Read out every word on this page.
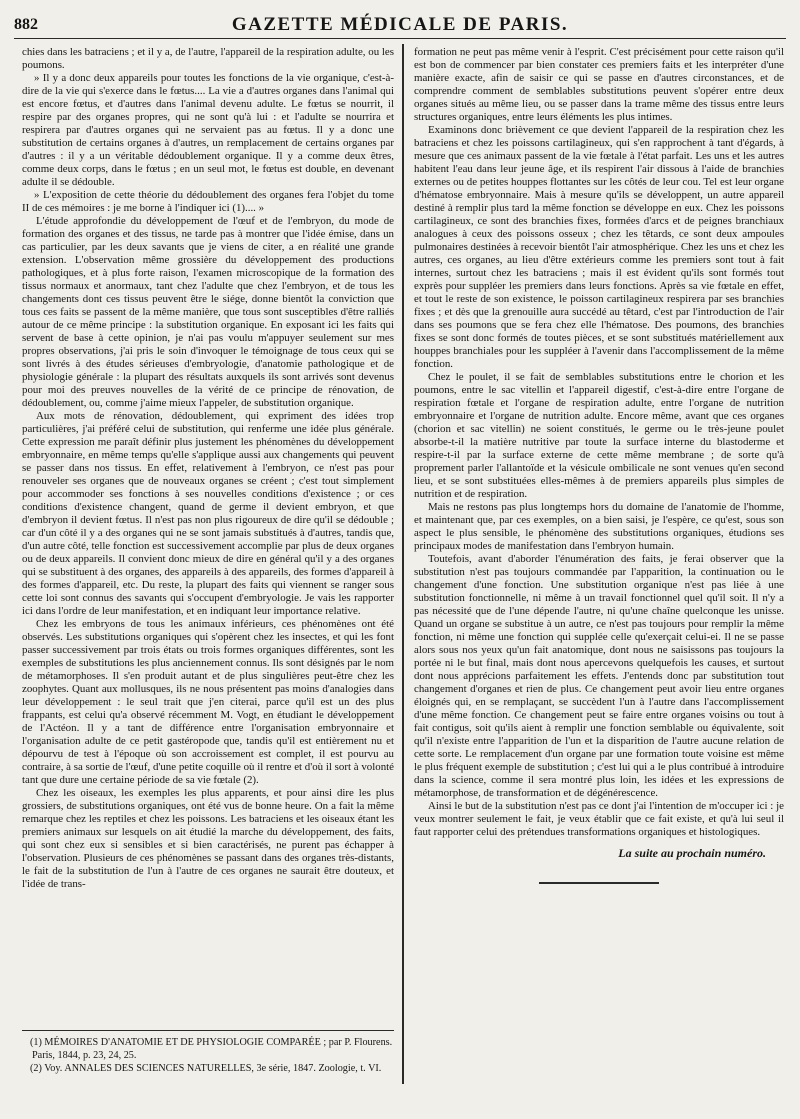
882	GAZETTE MÉDICALE DE PARIS.

chies dans les batraciens ; et il y a, de l'autre, l'appareil de la respiration adulte, ou les poumons.

» Il y a donc deux appareils pour toutes les fonctions de la vie organique, c'est-à-dire de la vie qui s'exerce dans le fœtus.... La vie a d'autres organes dans l'animal qui est encore fœtus, et d'autres dans l'animal devenu adulte. Le fœtus se nourrit, il respire par des organes propres, qui ne sont qu'à lui : et l'adulte se nourrira et respirera par d'autres organes qui ne servaient pas au fœtus. Il y a donc une substitution de certains organes à d'autres, un remplacement de certains organes par d'autres : il y a un véritable dédoublement organique. Il y a comme deux êtres, comme deux corps, dans le fœtus ; en un seul mot, le fœtus est double, en devenant adulte il se dédouble.

» L'exposition de cette théorie du dédoublement des organes fera l'objet du tome II de ces mémoires : je me borne à l'indiquer ici (1).... »

L'étude approfondie du développement de l'œuf et de l'embryon, du mode de formation des organes et des tissus, ne tarde pas à montrer que l'idée émise, dans un cas particulier, par les deux savants que je viens de citer, a en réalité une grande extension. L'observation même grossière du développement des productions pathologiques, et à plus forte raison, l'examen microscopique de la formation des tissus normaux et anormaux, tant chez l'adulte que chez l'embryon, et de tous les changements dont ces tissus peuvent être le siége, donne bientôt la conviction que tous ces faits se passent de la même manière, que tous sont susceptibles d'être ralliés autour de ce même principe : la substitution organique. En exposant ici les faits qui servent de base à cette opinion, je n'ai pas voulu m'appuyer seulement sur mes propres observations, j'ai pris le soin d'invoquer le témoignage de tous ceux qui se sont livrés à des études sérieuses d'embryologie, d'anatomie pathologique et de physiologie générale : la plupart des résultats auxquels ils sont arrivés sont devenus pour moi des preuves nouvelles de la vérité de ce principe de rénovation, de dédoublement, ou, comme j'aime mieux l'appeler, de substitution organique.

Aux mots de rénovation, dédoublement, qui expriment des idées trop particulières, j'ai préféré celui de substitution, qui renferme une idée plus générale. Cette expression me paraît définir plus justement les phénomènes du développement embryonnaire, en même temps qu'elle s'applique aussi aux changements qui peuvent se passer dans nos tissus. En effet, relativement à l'embryon, ce n'est pas pour renouveler ses organes que de nouveaux organes se créent ; c'est tout simplement pour accommoder ses fonctions à ses nouvelles conditions d'existence ; or ces conditions d'existence changent, quand de germe il devient embryon, et que d'embryon il devient fœtus. Il n'est pas non plus rigoureux de dire qu'il se dédouble ; car d'un côté il y a des organes qui ne se sont jamais substitués à d'autres, tandis que, d'un autre côté, telle fonction est successivement accomplie par plus de deux organes ou de deux appareils. Il convient donc mieux de dire en général qu'il y a des organes qui se substituent à des organes, des appareils à des appareils, des formes d'appareil à des formes d'appareil, etc. Du reste, la plupart des faits qui viennent se ranger sous cette loi sont connus des savants qui s'occupent d'embryologie. Je vais les rapporter ici dans l'ordre de leur manifestation, et en indiquant leur importance relative.

Chez les embryons de tous les animaux inférieurs, ces phénomènes ont été observés. Les substitutions organiques qui s'opèrent chez les insectes, et qui les font passer successivement par trois états ou trois formes organiques différentes, sont les exemples de substitutions les plus anciennement connus. Ils sont désignés par le nom de métamorphoses. Il s'en produit autant et de plus singulières peut-être chez les zoophytes. Quant aux mollusques, ils ne nous présentent pas moins d'analogies dans leur développement : le seul trait que j'en citerai, parce qu'il est un des plus frappants, est celui qu'a observé récemment M. Vogt, en étudiant le développement de l'Actéon. Il y a tant de différence entre l'organisation embryonnaire et l'organisation adulte de ce petit gastéropode que, tandis qu'il est entièrement nu et dépourvu de test à l'époque où son accroissement est complet, il est pourvu au contraire, à sa sortie de l'œuf, d'une petite coquille où il rentre et d'où il sort à volonté tant que dure une certaine période de sa vie fœtale (2).

Chez les oiseaux, les exemples les plus apparents, et pour ainsi dire les plus grossiers, de substitutions organiques, ont été vus de bonne heure. On a fait la même remarque chez les reptiles et chez les poissons. Les batraciens et les oiseaux étant les premiers animaux sur lesquels on ait étudié la marche du développement, des faits, qui sont chez eux si sensibles et si bien caractérisés, ne purent pas échapper à l'observation. Plusieurs de ces phénomènes se passant dans des organes très-distants, le fait de la substitution de l'un à l'autre de ces organes ne saurait être douteux, et l'idée de trans-

formation ne peut pas même venir à l'esprit. C'est précisément pour cette raison qu'il est bon de commencer par bien constater ces premiers faits et les interpréter d'une manière exacte, afin de saisir ce qui se passe en d'autres circonstances, et de comprendre comment de semblables substitutions peuvent s'opérer entre deux organes situés au même lieu, ou se passer dans la trame même des tissus entre leurs structures organiques, entre leurs éléments les plus intimes.

Examinons donc brièvement ce que devient l'appareil de la respiration chez les batraciens et chez les poissons cartilagineux, qui s'en rapprochent à tant d'égards, à mesure que ces animaux passent de la vie fœtale à l'état parfait. Les uns et les autres habitent l'eau dans leur jeune âge, et ils respirent l'air dissous à l'aide de branchies externes ou de petites houppes flottantes sur les côtés de leur cou. Tel est leur organe d'hématose embryonnaire. Mais à mesure qu'ils se développent, un autre appareil destiné à remplir plus tard la même fonction se développe en eux. Chez les poissons cartilagineux, ce sont des branchies fixes, formées d'arcs et de peignes branchiaux analogues à ceux des poissons osseux ; chez les têtards, ce sont deux ampoules pulmonaires destinées à recevoir bientôt l'air atmosphérique. Chez les uns et chez les autres, ces organes, au lieu d'être extérieurs comme les premiers sont tout à fait internes, surtout chez les batraciens ; mais il est évident qu'ils sont formés tout exprès pour suppléer les premiers dans leurs fonctions. Après sa vie fœtale en effet, et tout le reste de son existence, le poisson cartilagineux respirera par ses branchies fixes ; et dès que la grenouille aura succédé au têtard, c'est par l'introduction de l'air dans ses poumons que se fera chez elle l'hématose. Des poumons, des branchies fixes se sont donc formés de toutes pièces, et se sont substitués matériellement aux houppes branchiales pour les suppléer à l'avenir dans l'accomplissement de la même fonction.

Chez le poulet, il se fait de semblables substitutions entre le chorion et les poumons, entre le sac vitellin et l'appareil digestif, c'est-à-dire entre l'organe de respiration fœtale et l'organe de respiration adulte, entre l'organe de nutrition embryonnaire et l'organe de nutrition adulte. Encore même, avant que ces organes (chorion et sac vitellin) ne soient constitués, le germe ou le très-jeune poulet absorbe-t-il la matière nutritive par toute la surface interne du blastoderme et respire-t-il par la surface externe de cette même membrane ; de sorte qu'à proprement parler l'allantoïde et la vésicule ombilicale ne sont venues qu'en second lieu, et se sont substituées elles-mêmes à de premiers appareils plus simples de nutrition et de respiration.

Mais ne restons pas plus longtemps hors du domaine de l'anatomie de l'homme, et maintenant que, par ces exemples, on a bien saisi, je l'espère, ce qu'est, sous son aspect le plus sensible, le phénomène des substitutions organiques, étudions ses principaux modes de manifestation dans l'embryon humain.

Toutefois, avant d'aborder l'énumération des faits, je ferai observer que la substitution n'est pas toujours commandée par l'apparition, la continuation ou le changement d'une fonction. Une substitution organique n'est pas liée à une substitution fonctionnelle, ni même à un travail fonctionnel quel qu'il soit. Il n'y a pas nécessité que de l'une dépende l'autre, ni qu'une chaîne quelconque les unisse. Quand un organe se substitue à un autre, ce n'est pas toujours pour remplir la même fonction, ni même une fonction qui supplée celle qu'exerçait celui-ei. Il ne se passe alors sous nos yeux qu'un fait anatomique, dont nous ne saisissons pas toujours la portée ni le but final, mais dont nous apercevons quelquefois les causes, et surtout dont nous apprécions parfaitement les effets. J'entends donc par substitution tout changement d'organes et rien de plus. Ce changement peut avoir lieu entre organes éloignés qui, en se remplaçant, se succèdent l'un à l'autre dans l'accomplissement d'une même fonction. Ce changement peut se faire entre organes voisins ou tout à fait contigus, soit qu'ils aient à remplir une fonction semblable ou équivalente, soit qu'il n'existe entre l'apparition de l'un et la disparition de l'autre aucune relation de cette sorte. Le remplacement d'un organe par une formation toute voisine est même le plus fréquent exemple de substitution ; c'est lui qui a le plus contribué à introduire dans la science, comme il sera montré plus loin, les idées et les expressions de métamorphose, de transformation et de dégénérescence.

Ainsi le but de la substitution n'est pas ce dont j'ai l'intention de m'occuper ici : je veux montrer seulement le fait, je veux établir que ce fait existe, et qu'à lui seul il faut rapporter celui des prétendues transformations organiques et histologiques.

La suite au prochain numéro.

(1) MÉMOIRES D'ANATOMIE ET DE PHYSIOLOGIE COMPARÉE ; par P. Flourens. Paris, 1844, p. 23, 24, 25.

(2) Voy. ANNALES DES SCIENCES NATURELLES, 3e série, 1847. Zoologie, t. VI.
